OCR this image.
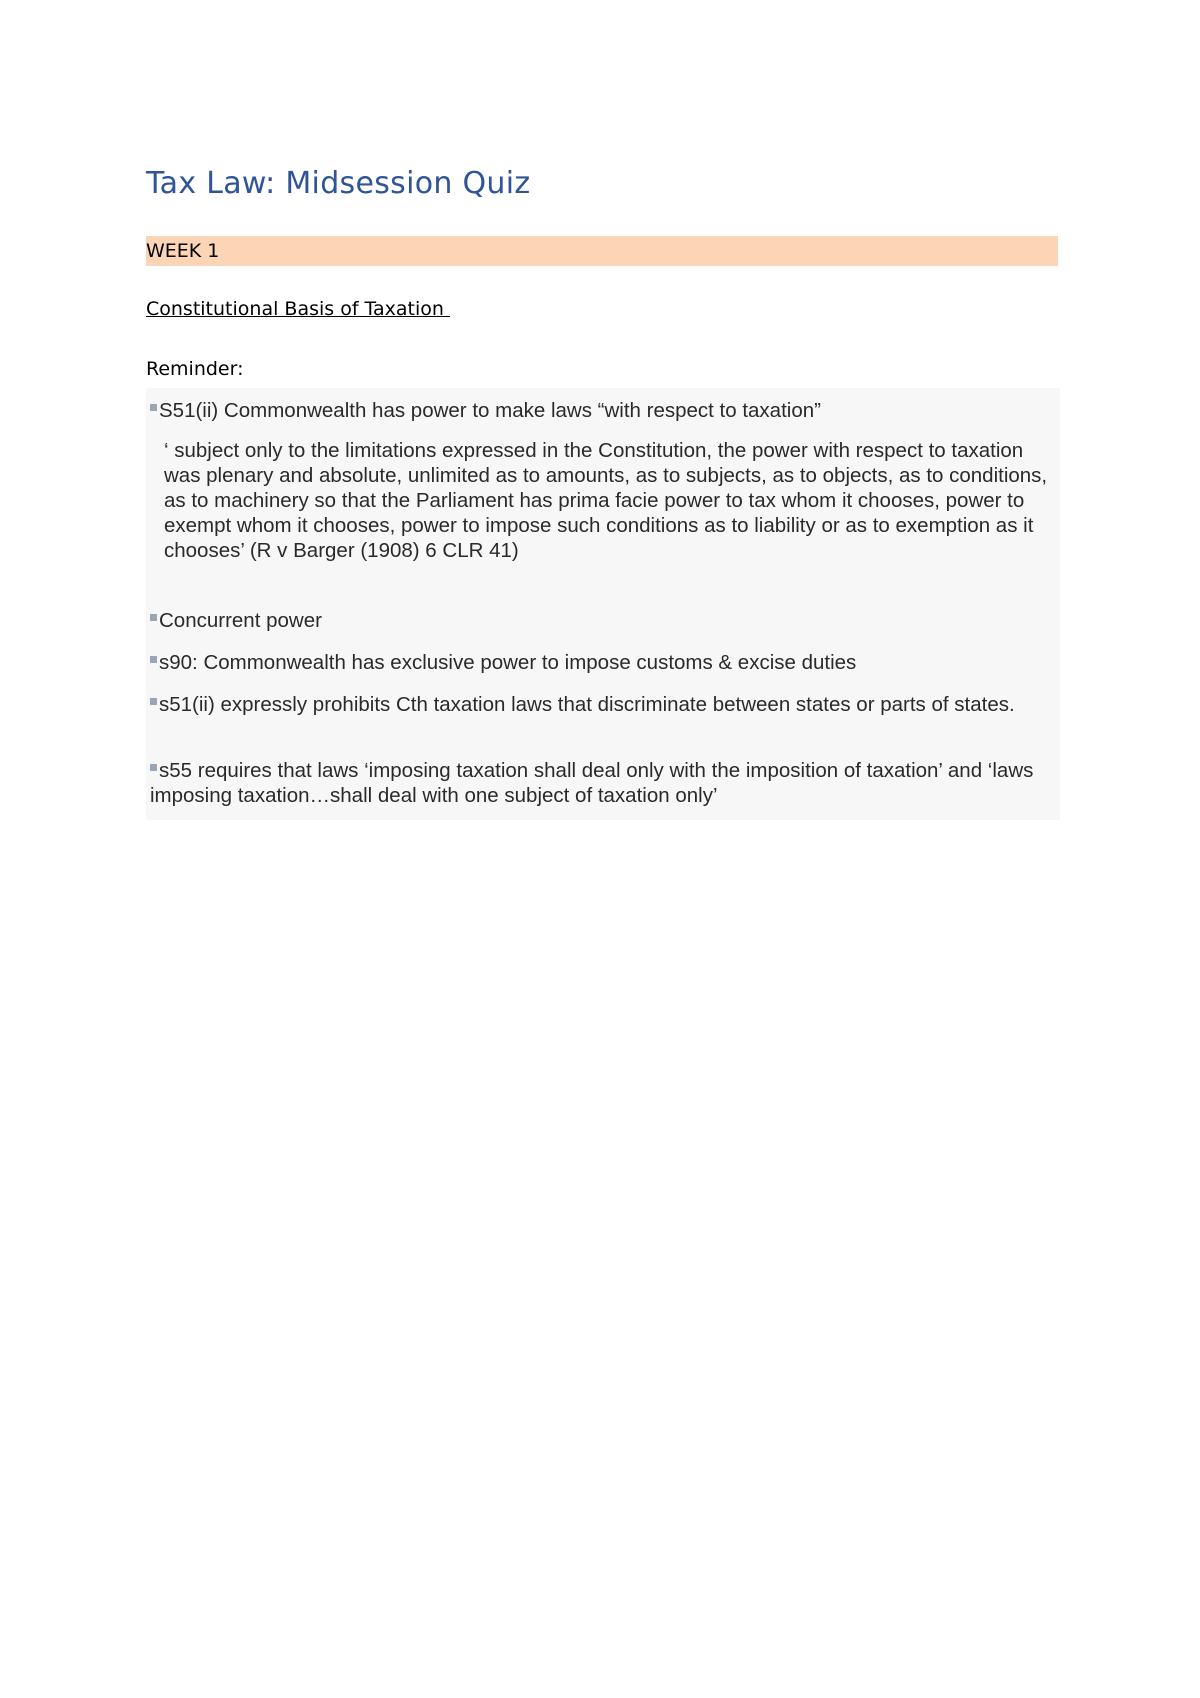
Tax Law: Midsession Quiz
WEEK 1
Constitutional Basis of Taxation
Reminder:
S51(ii) Commonwealth has power to make laws “with respect to taxation”
‘ subject only to the limitations expressed in the Constitution, the power with respect to taxation was plenary and absolute, unlimited as to amounts, as to subjects, as to objects, as to conditions, as to machinery so that the Parliament has prima facie power to tax whom it chooses, power to exempt whom it chooses, power to impose such conditions as to liability or as to exemption as it chooses’ (R v Barger (1908) 6 CLR 41)
Concurrent power
s90: Commonwealth has exclusive power to impose customs & excise duties
s51(ii) expressly prohibits Cth taxation laws that discriminate between states or parts of states.
s55 requires that laws ‘imposing taxation shall deal only with the imposition of taxation’ and ‘laws imposing taxation…shall deal with one subject of taxation only’
